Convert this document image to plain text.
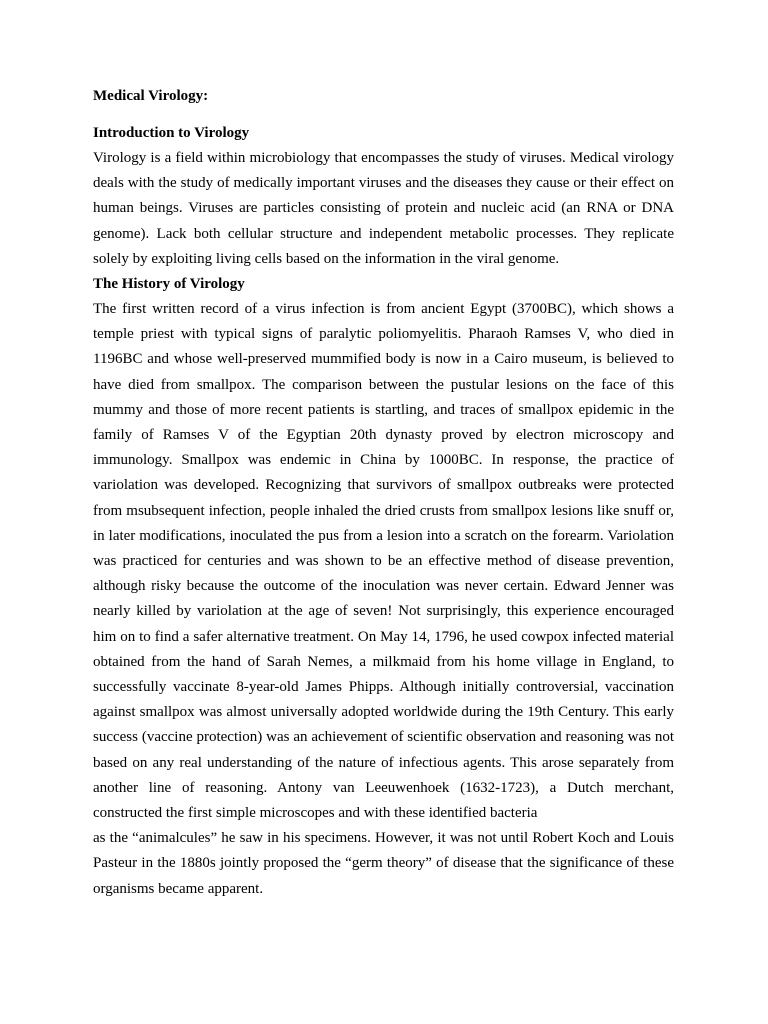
Medical Virology:
Introduction to Virology

Virology is a field within microbiology that encompasses the study of viruses. Medical virology deals with the study of medically important viruses and the diseases they cause or their effect on human beings. Viruses are particles consisting of protein and nucleic acid (an RNA or DNA genome). Lack both cellular structure and independent metabolic processes. They replicate solely by exploiting living cells based on the information in the viral genome.

The History of Virology

The first written record of a virus infection is from ancient Egypt (3700BC), which shows a temple priest with typical signs of paralytic poliomyelitis. Pharaoh Ramses V, who died in 1196BC and whose well-preserved mummified body is now in a Cairo museum, is believed to have died from smallpox. The comparison between the pustular lesions on the face of this mummy and those of more recent patients is startling, and traces of smallpox epidemic in the family of Ramses V of the Egyptian 20th dynasty proved by electron microscopy and immunology. Smallpox was endemic in China by 1000BC. In response, the practice of variolation was developed. Recognizing that survivors of smallpox outbreaks were protected from msubsequent infection, people inhaled the dried crusts from smallpox lesions like snuff or, in later modifications, inoculated the pus from a lesion into a scratch on the forearm. Variolation was practiced for centuries and was shown to be an effective method of disease prevention, although risky because the outcome of the inoculation was never certain. Edward Jenner was nearly killed by variolation at the age of seven! Not surprisingly, this experience encouraged him on to find a safer alternative treatment. On May 14, 1796, he used cowpox infected material obtained from the hand of Sarah Nemes, a milkmaid from his home village in England, to successfully vaccinate 8-year-old James Phipps. Although initially controversial, vaccination against smallpox was almost universally adopted worldwide during the 19th Century. This early success (vaccine protection) was an achievement of scientific observation and reasoning was not based on any real understanding of the nature of infectious agents. This arose separately from another line of reasoning. Antony van Leeuwenhoek (1632-1723), a Dutch merchant, constructed the first simple microscopes and with these identified bacteria

as the “animalcules” he saw in his specimens. However, it was not until Robert Koch and Louis Pasteur in the 1880s jointly proposed the “germ theory” of disease that the significance of these organisms became apparent.
